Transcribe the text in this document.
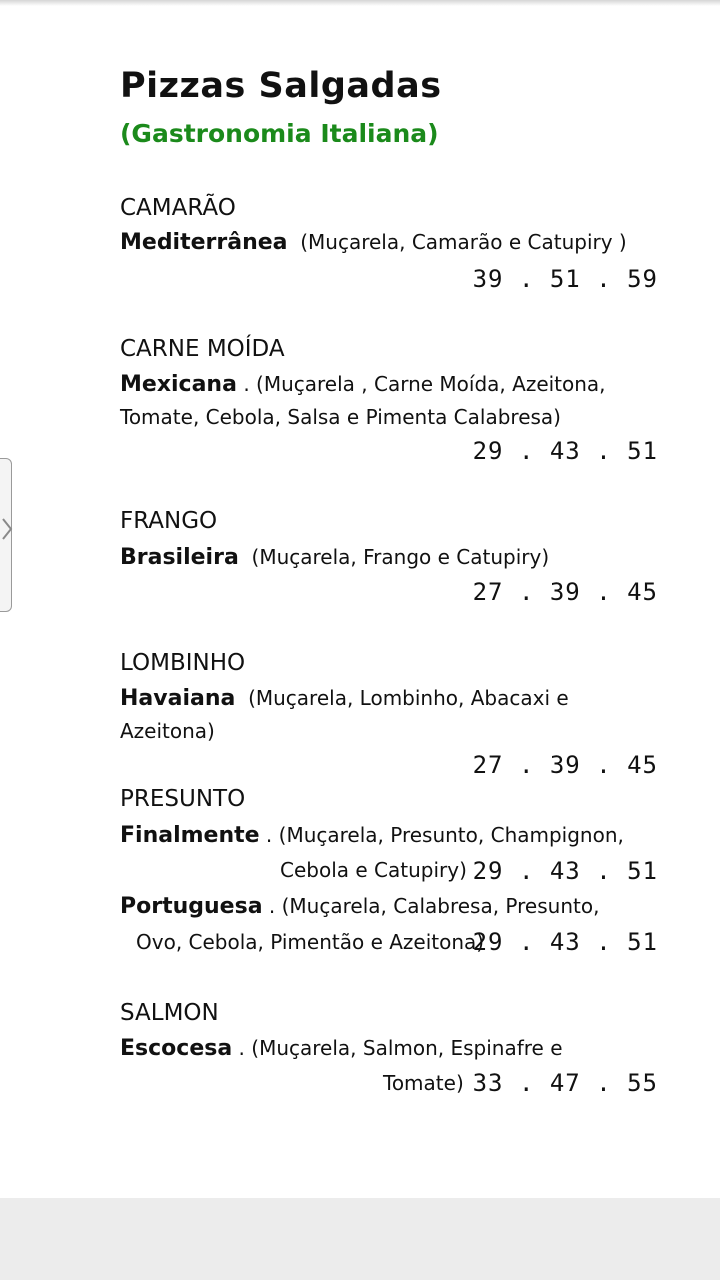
Pizzas Salgadas
(Gastronomia Italiana)
CAMARÃO
Mediterrânea (Muçarela, Camarão e Catupiry )
39 . 51 . 59
CARNE MOÍDA
Mexicana . (Muçarela , Carne Moída, Azeitona,
Tomate, Cebola, Salsa e Pimenta Calabresa)
29 . 43 . 51
FRANGO
Brasileira (Muçarela, Frango e Catupiry)
27 . 39 . 45
LOMBINHO
Havaiana (Muçarela, Lombinho, Abacaxi e
Azeitona)
27 . 39 . 45
PRESUNTO
Finalmente . (Muçarela, Presunto, Champignon,
Cebola e Catupiry) 29 . 43 . 51
Portuguesa . (Muçarela, Calabresa, Presunto,
Ovo, Cebola, Pimentão e Azeitona)
29 . 43 . 51
SALMON
Escocesa . (Muçarela, Salmon, Espinafre e
Tomate) 33 . 47 . 55
